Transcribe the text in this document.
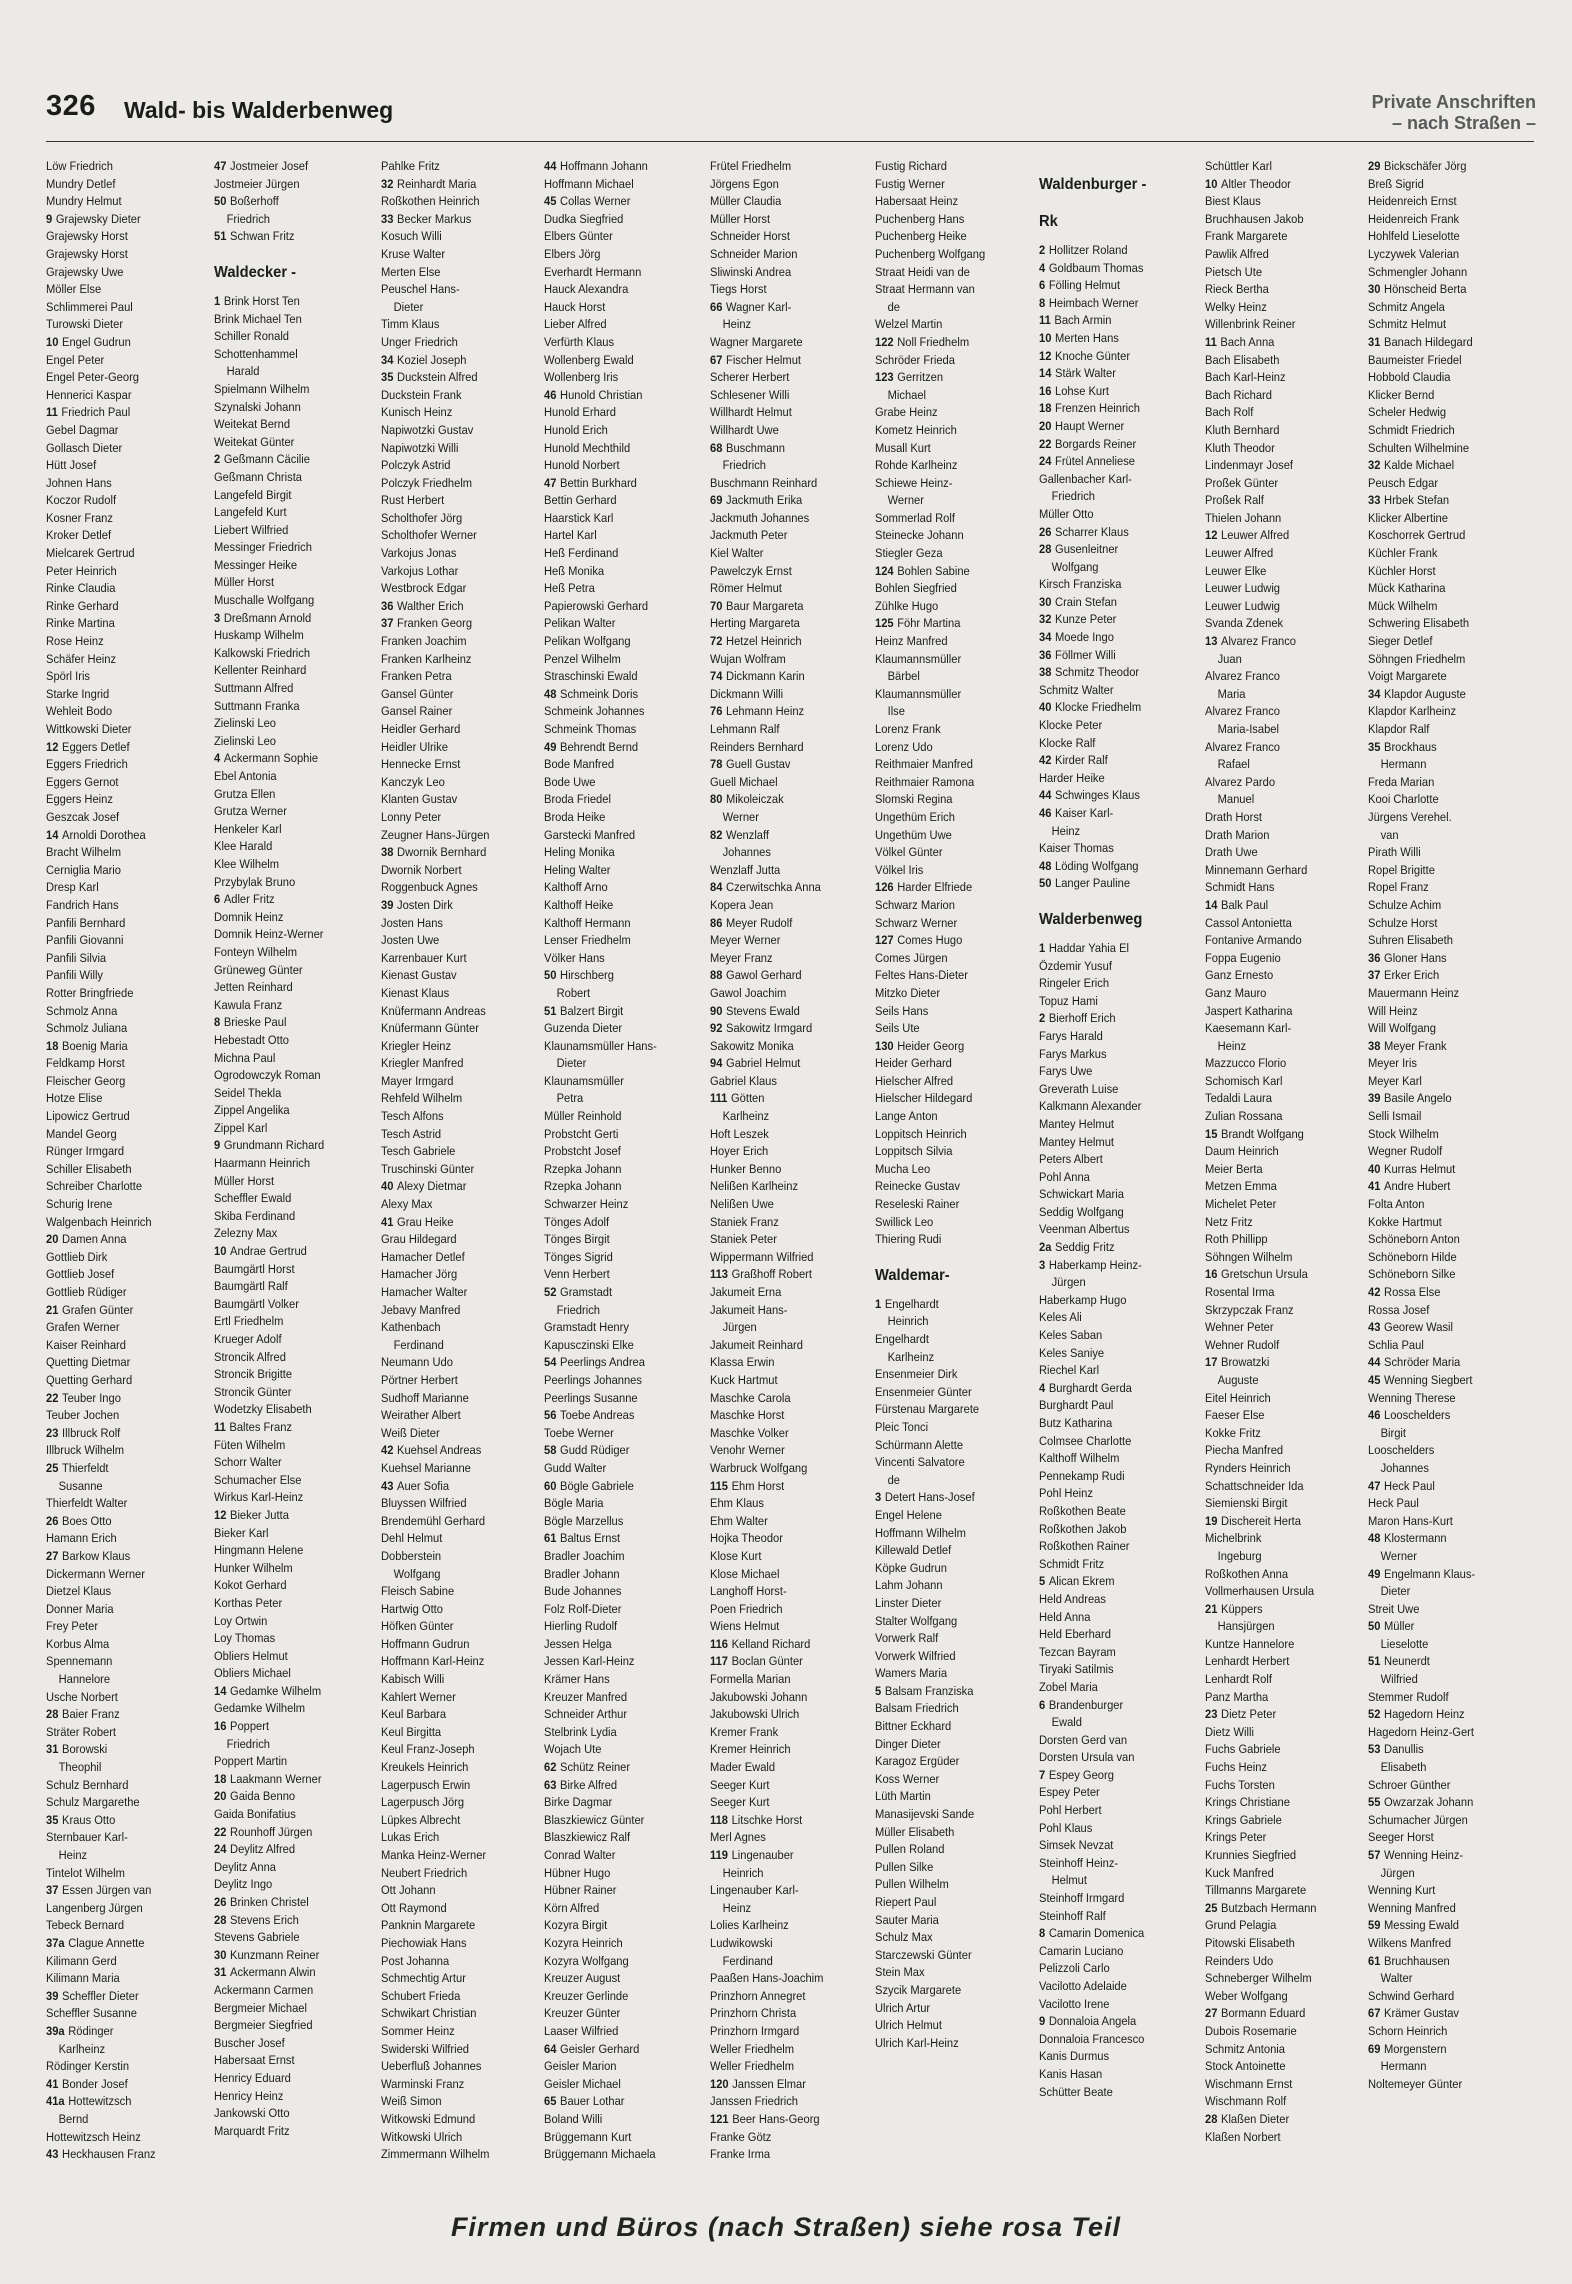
326 Wald- bis Walderbenweg	Private Anschriften
– nach Straßen –
Löw Friedrich
Mundry Detlef
Mundry Helmut
9 Grajewsky Dieter
Grajewsky Horst
Grajewsky Horst
Grajewsky Uwe
Möller Else
Schlimmerei Paul
Turowski Dieter
10 Engel Gudrun
Engel Peter
Engel Peter-Georg
Hennerici Kaspar
11 Friedrich Paul
Gebel Dagmar
Gollasch Dieter
Hütt Josef
Johnen Hans
Koczor Rudolf
Kosner Franz
Kroker Detlef
Mielcarek Gertrud
Peter Heinrich
Rinke Claudia
Rinke Gerhard
Rinke Martina
Rose Heinz
Schäfer Heinz
Spörl Iris
Starke Ingrid
Wehleit Bodo
Wittkowski Dieter
12 Eggers Detlef
Eggers Friedrich
Eggers Gernot
Eggers Heinz
Geszcak Josef
14 Arnoldi Dorothea
Bracht Wilhelm
Cerniglia Mario
Dresp Karl
Fandrich Hans
Panfili Bernhard
Panfili Giovanni
Panfili Silvia
Panfili Willy
Rotter Bringfriede
Schmolz Anna
Schmolz Juliana
18 Boenig Maria
Feldkamp Horst
Fleischer Georg
Hotze Elise
Lipowicz Gertrud
Mandel Georg
Rünger Irmgard
Schiller Elisabeth
Schreiber Charlotte
Schurig Irene
Walgenbach Heinrich
20 Damen Anna
Gottlieb Dirk
Gottlieb Josef
Gottlieb Rüdiger
21 Grafen Günter
Grafen Werner
Kaiser Reinhard
Quetting Dietmar
Quetting Gerhard
22 Teuber Ingo
Teuber Jochen
23 Illbruck Rolf
Illbruck Wilhelm
25 Thierfeldt
Susanne
Thierfeldt Walter
26 Boes Otto
Hamann Erich
27 Barkow Klaus
Dickermann Werner
Dietzel Klaus
Donner Maria
Frey Peter
Korbus Alma
Spennemann
Hannelore
Usche Norbert
28 Baier Franz
Sträter Robert
31 Borowski
Theophil
Schulz Bernhard
Schulz Margarethe
35 Kraus Otto
Sternbauer Karl-
Heinz
Tintelot Wilhelm
37 Essen Jürgen van
Langenberg Jürgen
Tebeck Bernard
37a Clague Annette
Kilimann Gerd
Kilimann Maria
39 Scheffler Dieter
Scheffler Susanne
39a Rödinger
Karlheinz
Rödinger Kerstin
41 Bonder Josef
41a Hottewitzsch
Bernd
Hottewitzsch Heinz
43 Heckhausen Franz
47 Jostmeier Josef
Jostmeier Jürgen
50 Boßerhoff
Friedrich
51 Schwan Fritz
Waldecker -
1 Brink Horst Ten
Brink Michael Ten
Schiller Ronald
Schottenhammel
Harald
Spielmann Wilhelm
Szynalski Johann
Weitekat Bernd
Weitekat Günter
2 Geßmann Cäcilie
Geßmann Christa
Langefeld Birgit
Langefeld Kurt
Liebert Wilfried
Messinger Friedrich
Messinger Heike
Müller Horst
Muschalle Wolfgang
3 Dreßmann Arnold
Huskamp Wilhelm
Kalkowski Friedrich
Kellenter Reinhard
Suttmann Alfred
Suttmann Franka
Zielinski Leo
Zielinski Leo
4 Ackermann Sophie
Ebel Antonia
Grutza Ellen
Grutza Werner
Henkeler Karl
Klee Harald
Klee Wilhelm
Przybylak Bruno
6 Adler Fritz
Domnik Heinz
Domnik Heinz-Werner
Fonteyn Wilhelm
Grüneweg Günter
Jetten Reinhard
Kawula Franz
8 Brieske Paul
Hebestadt Otto
Michna Paul
Ogrodowczyk Roman
Seidel Thekla
Zippel Angelika
Zippel Karl
9 Grundmann Richard
Haarmann Heinrich
Müller Horst
Scheffler Ewald
Skiba Ferdinand
Zeleznу Max
10 Andrae Gertrud
Baumgärtl Horst
Baumgärtl Ralf
Baumgärtl Volker
Ertl Friedhelm
Krueger Adolf
Stroncik Alfred
Stroncik Brigitte
Stroncik Günter
Wodetzky Elisabeth
11 Baltes Franz
Füten Wilhelm
Schorr Walter
Schumacher Else
Wirkus Karl-Heinz
12 Bieker Jutta
Bieker Karl
Hingmann Helene
Hunker Wilhelm
Kokot Gerhard
Korthas Peter
Loy Ortwin
Loy Thomas
Obliers Helmut
Obliers Michael
14 Gedamke Wilhelm
Gedamke Wilhelm
16 Poppert
Friedrich
Poppert Martin
18 Laakmann Werner
20 Gaida Benno
Gaida Bonifatius
22 Rounhoff Jürgen
24 Deylitz Alfred
Deylitz Anna
Deylitz Ingo
26 Brinken Christel
28 Stevens Erich
Stevens Gabriele
30 Kunzmann Reiner
31 Ackermann Alwin
Ackermann Carmen
Bergmeier Michael
Bergmeier Siegfried
Buscher Josef
Habersaat Ernst
Henricy Eduard
Henricy Heinz
Jankowski Otto
Marquardt Fritz
Pahlke Fritz
32 Reinhardt Maria
Roßkothen Heinrich
33 Becker Markus
Kosuch Willi
Kruse Walter
Merten Else
Peuschel Hans-
Dieter
Timm Klaus
Unger Friedrich
34 Koziel Joseph
35 Duckstein Alfred
Duckstein Frank
Kunisch Heinz
Napiwotzki Gustav
Napiwotzki Willi
Polczyk Astrid
Polczyk Friedhelm
Rust Herbert
Scholthofer Jörg
Scholthofer Werner
Varkojus Jonas
Varkojus Lothar
Westbrock Edgar
36 Walther Erich
37 Franken Georg
Franken Joachim
Franken Karlheinz
Franken Petra
Gansel Günter
Gansel Rainer
Heidler Gerhard
Heidler Ulrike
Hennecke Ernst
Kanczyk Leo
Klanten Gustav
Lonny Peter
Zeugner Hans-Jürgen
38 Dwornik Bernhard
Dwornik Norbert
Roggenbuck Agnes
39 Josten Dirk
Josten Hans
Josten Uwe
Karrenbauer Kurt
Kienast Gustav
Kienast Klaus
Knüfermann Andreas
Knüfermann Günter
Kriegler Heinz
Kriegler Manfred
Mayer Irmgard
Rehfeld Wilhelm
Tesch Alfons
Tesch Astrid
Tesch Gabriele
Truschinski Günter
40 Alexy Dietmar
Alexy Max
41 Grau Heike
Grau Hildegard
Hamacher Detlef
Hamacher Jörg
Hamacher Walter
Jebavy Manfred
Kathenbach
Ferdinand
Neumann Udo
Pörtner Herbert
Sudhoff Marianne
Weirather Albert
Weiß Dieter
42 Kuehsel Andreas
Kuehsel Marianne
43 Auer Sofia
Bluyssen Wilfried
Brendemühl Gerhard
Dehl Helmut
Dobberstein
Wolfgang
Fleisch Sabine
Hartwig Otto
Höfken Günter
Hoffmann Gudrun
Hoffmann Karl-Heinz
Kabisch Willi
Kahlert Werner
Keul Barbara
Keul Birgitta
Keul Franz-Joseph
Kreukels Heinrich
Lagerpusch Erwin
Lagerpusch Jörg
Lüpkes Albrecht
Lukas Erich
Manka Heinz-Werner
Neubert Friedrich
Ott Johann
Ott Raymond
Panknin Margarete
Piechowiak Hans
Post Johanna
Schmechtig Artur
Schubert Frieda
Schwikart Christian
Sommer Heinz
Swiderski Wilfried
Ueberfluß Johannes
Warminski Franz
Weiß Simon
Witkowski Edmund
Witkowski Ulrich
Zimmermann Wilhelm
44 Hoffmann Johann
Hoffmann Michael
45 Collas Werner
Dudka Siegfried
Elbers Günter
Elbers Jörg
Everhardt Hermann
Hauck Alexandra
Hauck Horst
Lieber Alfred
Verfürth Klaus
Wollenberg Ewald
Wollenberg Iris
46 Hunold Christian
Hunold Erhard
Hunold Erich
Hunold Mechthild
Hunold Norbert
47 Bettin Burkhard
Bettin Gerhard
Haarstick Karl
Hartel Karl
Heß Ferdinand
Heß Monika
Heß Petra
Papierowski Gerhard
Pelikan Walter
Pelikan Wolfgang
Penzel Wilhelm
Straschinski Ewald
48 Schmeink Doris
Schmeink Johannes
Schmeink Thomas
49 Behrendt Bernd
Bode Manfred
Bode Uwe
Broda Friedel
Broda Heike
Garstecki Manfred
Heling Monika
Heling Walter
Kalthoff Arno
Kalthoff Heike
Kalthoff Hermann
Lenser Friedhelm
Völker Hans
50 Hirschberg
Robert
51 Balzert Birgit
Guzenda Dieter
Klaunamsmüller Hans-
Dieter
Klaunamsmüller
Petra
Müller Reinhold
Probstcht Gerti
Probstcht Josef
Rzepka Johann
Rzepka Johann
Schwarzer Heinz
Tönges Adolf
Tönges Birgit
Tönges Sigrid
Venn Herbert
52 Gramstadt
Friedrich
Gramstadt Henry
Kapusczinski Elke
54 Peerlings Andrea
Peerlings Johannes
Peerlings Susanne
56 Toebe Andreas
Toebe Werner
58 Gudd Rüdiger
Gudd Walter
60 Bögle Gabriele
Bögle Maria
Bögle Marzellus
61 Baltus Ernst
Bradler Joachim
Bradler Johann
Bude Johannes
Folz Rolf-Dieter
Hierling Rudolf
Jessen Helga
Jessen Karl-Heinz
Krämer Hans
Kreuzer Manfred
Schneider Arthur
Stelbrink Lydia
Wojach Ute
62 Schütz Reiner
63 Birke Alfred
Birke Dagmar
Blaszkiewicz Günter
Blaszkiewicz Ralf
Conrad Walter
Hübner Hugo
Hübner Rainer
Körn Alfred
Kozyra Birgit
Kozyra Heinrich
Kozyra Wolfgang
Kreuzer August
Kreuzer Gerlinde
Kreuzer Günter
Laaser Wilfried
64 Geisler Gerhard
Geisler Marion
Geisler Michael
65 Bauer Lothar
Boland Willi
Brüggemann Kurt
Brüggemann Michaela
Frütel Friedhelm
Jörgens Egon
Müller Claudia
Müller Horst
Schneider Horst
Schneider Marion
Sliwinski Andrea
Tiegs Horst
66 Wagner Karl-
Heinz
Wagner Margarete
67 Fischer Helmut
Scherer Herbert
Schlesener Willi
Willhardt Helmut
Willhardt Uwe
68 Buschmann
Friedrich
Buschmann Reinhard
69 Jackmuth Erika
Jackmuth Johannes
Jackmuth Peter
Kiel Walter
Pawelczyk Ernst
Römer Helmut
70 Baur Margareta
Herting Margareta
72 Hetzel Heinrich
Wujan Wolfram
74 Dickmann Karin
Dickmann Willi
76 Lehmann Heinz
Lehmann Ralf
Reinders Bernhard
78 Guell Gustav
Guell Michael
80 Mikoleiczak
Werner
82 Wenzlaff
Johannes
Wenzlaff Jutta
84 Czerwitschka Anna
Kopera Jean
86 Meyer Rudolf
Meyer Werner
Meyer Franz
88 Gawol Gerhard
Gawol Joachim
90 Stevens Ewald
92 Sakowitz Irmgard
Sakowitz Monika
94 Gabriel Helmut
Gabriel Klaus
111 Götten
Karlheinz
Hoft Leszek
Hoyer Erich
Hunker Benno
Nelißen Karlheinz
Nelißen Uwe
Staniek Franz
Staniek Peter
Wippermann Wilfried
113 Graßhoff Robert
Jakumeit Erna
Jakumeit Hans-
Jürgen
Jakumeit Reinhard
Klassa Erwin
Kuck Hartmut
Maschke Carola
Maschke Horst
Maschke Volker
Venohr Werner
Warbruck Wolfgang
115 Ehm Horst
Ehm Klaus
Ehm Walter
Hojka Theodor
Klose Kurt
Klose Michael
Langhoff Horst-
Poen Friedrich
Wiens Helmut
116 Kelland Richard
117 Boclan Günter
Formella Marian
Jakubowski Johann
Jakubowski Ulrich
Kremer Frank
Kremer Heinrich
Mader Ewald
Seeger Kurt
Seeger Kurt
118 Litschke Horst
Merl Agnes
119 Lingenauber
Heinrich
Lingenauber Karl-
Heinz
Lolies Karlheinz
Ludwikowski
Ferdinand
Paaßen Hans-Joachim
Prinzhorn Annegret
Prinzhorn Christa
Prinzhorn Irmgard
Weller Friedhelm
Weller Friedhelm
120 Janssen Elmar
Janssen Friedrich
121 Beer Hans-Georg
Franke Götz
Franke Irma
Fustig Richard
Fustig Werner
Habersaat Heinz
Puchenberg Hans
Puchenberg Heike
Puchenberg Wolfgang
Straat Heidi van de
Straat Hermann van
de
Welzel Martin
122 Noll Friedhelm
Schröder Frieda
123 Gerritzen
Michael
Grabe Heinz
Kometz Heinrich
Musall Kurt
Rohde Karlheinz
Schiewe Heinz-
Werner
Sommerlad Rolf
Steinecke Johann
Stiegler Geza
124 Bohlen Sabine
Bohlen Siegfried
Zühlke Hugo
125 Föhr Martina
Heinz Manfred
Klaumannsmüller
Bärbel
Klaumannsmüller
Ilse
Lorenz Frank
Lorenz Udo
Reithmaier Manfred
Reithmaier Ramona
Slomski Regina
Ungethüm Erich
Ungethüm Uwe
Völkel Günter
Völkel Iris
126 Harder Elfriede
Schwarz Marion
Schwarz Werner
127 Comes Hugo
Comes Jürgen
Feltes Hans-Dieter
Mitzko Dieter
Seils Hans
Seils Ute
130 Heider Georg
Heider Gerhard
Hielscher Alfred
Hielscher Hildegard
Lange Anton
Loppitsch Heinrich
Loppitsch Silvia
Mucha Leo
Reinecke Gustav
Reseleski Rainer
Swillick Leo
Thiering Rudi
Waldemar-
1 Engelhardt
Heinrich
Engelhardt
Karlheinz
Ensenmeier Dirk
Ensenmeier Günter
Fürstenau Margarete
Pleic Tonci
Schürmann Alette
Vincenti Salvatore
de
3 Detert Hans-Josef
Engel Helene
Hoffmann Wilhelm
Killewald Detlef
Köpke Gudrun
Lahm Johann
Linster Dieter
Stalter Wolfgang
Vorwerk Ralf
Vorwerk Wilfried
Wamers Maria
5 Balsam Franziska
Balsam Friedrich
Bittner Eckhard
Dinger Dieter
Karagoz Ergüder
Koss Werner
Lüth Martin
Manasijevski Sande
Müller Elisabeth
Pullen Roland
Pullen Silke
Pullen Wilhelm
Riepert Paul
Sauter Maria
Schulz Max
Starczewski Günter
Stein Max
Szycik Margarete
Ulrich Artur
Ulrich Helmut
Ulrich Karl-Heinz
Waldenburger -
Rk
2 Hollitzer Roland
4 Goldbaum Thomas
6 Fölling Helmut
8 Heimbach Werner
11 Bach Armin
10 Merten Hans
12 Knoche Günter
14 Stärk Walter
16 Lohse Kurt
18 Frenzen Heinrich
20 Haupt Werner
22 Borgards Reiner
24 Frütel Anneliese
Gallenbacher Karl-
Friedrich
Müller Otto
26 Scharrer Klaus
28 Gusenleitner
Wolfgang
Kirsch Franziska
30 Crain Stefan
32 Kunze Peter
34 Moede Ingo
36 Föllmer Willi
38 Schmitz Theodor
Schmitz Walter
40 Klocke Friedhelm
Klocke Peter
Klocke Ralf
42 Kirder Ralf
Harder Heike
44 Schwinges Klaus
46 Kaiser Karl-
Heinz
Kaiser Thomas
48 Löding Wolfgang
50 Langer Pauline
Walderbenweg
1 Haddar Yahia El
Özdemir Yusuf
Ringeler Erich
Topuz Hami
2 Bierhoff Erich
Farys Harald
Farys Markus
Farys Uwe
Greverath Luise
Kalkmann Alexander
Mantey Helmut
Mantey Helmut
Peters Albert
Pohl Anna
Schwickart Maria
Seddig Wolfgang
Veenman Albertus
2a Seddig Fritz
3 Haberkamp Heinz-
Jürgen
Haberkamp Hugo
Keles Ali
Keles Saban
Keles Saniye
Riechel Karl
4 Burghardt Gerda
Burghardt Paul
Butz Katharina
Colmsee Charlotte
Kalthoff Wilhelm
Pennekamp Rudi
Pohl Heinz
Roßkothen Beate
Roßkothen Jakob
Roßkothen Rainer
Schmidt Fritz
5 Alican Ekrem
Held Andreas
Held Anna
Held Eberhard
Tezcan Bayram
Tiryaki Satilmis
Zobel Maria
6 Brandenburger
Ewald
Dorsten Gerd van
Dorsten Ursula van
7 Espey Georg
Espey Peter
Pohl Herbert
Pohl Klaus
Simsek Nevzat
Steinhoff Heinz-
Helmut
Steinhoff Irmgard
Steinhoff Ralf
8 Camarin Domenica
Camarin Luciano
Pelizzoli Carlo
Vacilotto Adelaide
Vacilotto Irene
9 Donnaloia Angela
Donnaloia Francesco
Kanis Durmus
Kanis Hasan
Schütter Beate
Schüttler Karl
10 Altler Theodor
Biest Klaus
Bruchhausen Jakob
Frank Margarete
Pawlik Alfred
Pietsch Ute
Rieck Bertha
Welky Heinz
Willenbrink Reiner
11 Bach Anna
Bach Elisabeth
Bach Karl-Heinz
Bach Richard
Bach Rolf
Kluth Bernhard
Kluth Theodor
Lindenmayr Josef
Proßek Günter
Proßek Ralf
Thielen Johann
12 Leuwer Alfred
Leuwer Alfred
Leuwer Elke
Leuwer Ludwig
Leuwer Ludwig
Svanda Zdenek
13 Alvarez Franco
Juan
Alvarez Franco
Maria
Alvarez Franco
Maria-Isabel
Alvarez Franco
Rafael
Alvarez Pardo
Manuel
Drath Horst
Drath Marion
Drath Uwe
Minnemann Gerhard
Schmidt Hans
14 Balk Paul
Cassol Antonietta
Fontanive Armando
Foppa Eugenio
Ganz Ernesto
Ganz Mauro
Jaspert Katharina
Kaesemann Karl-
Heinz
Mazzucco Florio
Schomisch Karl
Tedaldi Laura
Zulian Rossana
15 Brandt Wolfgang
Daum Heinrich
Meier Berta
Metzen Emma
Michelet Peter
Netz Fritz
Roth Phillipp
Söhngen Wilhelm
16 Gretschun Ursula
Rosental Irma
Skrzypczak Franz
Wehner Peter
Wehner Rudolf
17 Browatzki
Auguste
Eitel Heinrich
Faeser Else
Kokke Fritz
Piecha Manfred
Rynders Heinrich
Schattschneider Ida
Siemienski Birgit
19 Dischereit Herta
Michelbrink
Ingeburg
Roßkothen Anna
Vollmerhausen Ursula
21 Küppers
Hansjürgen
Kuntze Hannelore
Lenhardt Herbert
Lenhardt Rolf
Panz Martha
23 Dietz Peter
Dietz Willi
Fuchs Gabriele
Fuchs Heinz
Fuchs Torsten
Krings Christiane
Krings Gabriele
Krings Peter
Krunnies Siegfried
Kuck Manfred
Tillmanns Margarete
25 Butzbach Hermann
Grund Pelagia
Pitowski Elisabeth
Reinders Udo
Schneberger Wilhelm
Weber Wolfgang
27 Bormann Eduard
Dubois Rosemarie
Schmitz Antonia
Stock Antoinette
Wischmann Ernst
Wischmann Rolf
28 Klaßen Dieter
Klaßen Norbert
29 Bickschäfer Jörg
Breß Sigrid
Heidenreich Ernst
Heidenreich Frank
Hohlfeld Lieselotte
Lyczywek Valerian
Schmengler Johann
30 Hönscheid Berta
Schmitz Angela
Schmitz Helmut
31 Banach Hildegard
Baumeister Friedel
Hobbold Claudia
Klicker Bernd
Scheler Hedwig
Schmidt Friedrich
Schulten Wilhelmine
32 Kalde Michael
Peusch Edgar
33 Hrbek Stefan
Klicker Albertine
Koschorrek Gertrud
Küchler Frank
Küchler Horst
Mück Katharina
Mück Wilhelm
Schwering Elisabeth
Sieger Detlef
Söhngen Friedhelm
Voigt Margarete
34 Klapdor Auguste
Klapdor Karlheinz
Klapdor Ralf
35 Brockhaus
Hermann
Freda Marian
Kooi Charlotte
Jürgens Verehel.
van
Pirath Willi
Ropel Brigitte
Ropel Franz
Schulze Achim
Schulze Horst
Suhren Elisabeth
36 Gloner Hans
37 Erker Erich
Mauermann Heinz
Will Heinz
Will Wolfgang
38 Meyer Frank
Meyer Iris
Meyer Karl
39 Basile Angelo
Selli Ismail
Stock Wilhelm
Wegner Rudolf
40 Kurras Helmut
41 Andre Hubert
Folta Anton
Kokke Hartmut
Schöneborn Anton
Schöneborn Hilde
Schöneborn Silke
42 Rossa Else
Rossa Josef
43 Georew Wasil
Schlia Paul
44 Schröder Maria
45 Wenning Siegbert
Wenning Therese
46 Looschelders
Birgit
Looschelders
Johannes
47 Heck Paul
Heck Paul
Maron Hans-Kurt
48 Klostermann
Werner
49 Engelmann Klaus-
Dieter
Streit Uwe
50 Müller
Lieselotte
51 Neunerdt
Wilfried
Stemmer Rudolf
52 Hagedorn Heinz
Hagedorn Heinz-Gert
53 Danullis
Elisabeth
Schroer Günther
55 Owzarzak Johann
Schumacher Jürgen
Seeger Horst
57 Wenning Heinz-
Jürgen
Wenning Kurt
Wenning Manfred
59 Messing Ewald
Wilkens Manfred
61 Bruchhausen
Walter
Schwind Gerhard
67 Krämer Gustav
Schorn Heinrich
69 Morgenstern
Hermann
Noltemeyer Günter
Firmen und Büros (nach Straßen) siehe rosa Teil
